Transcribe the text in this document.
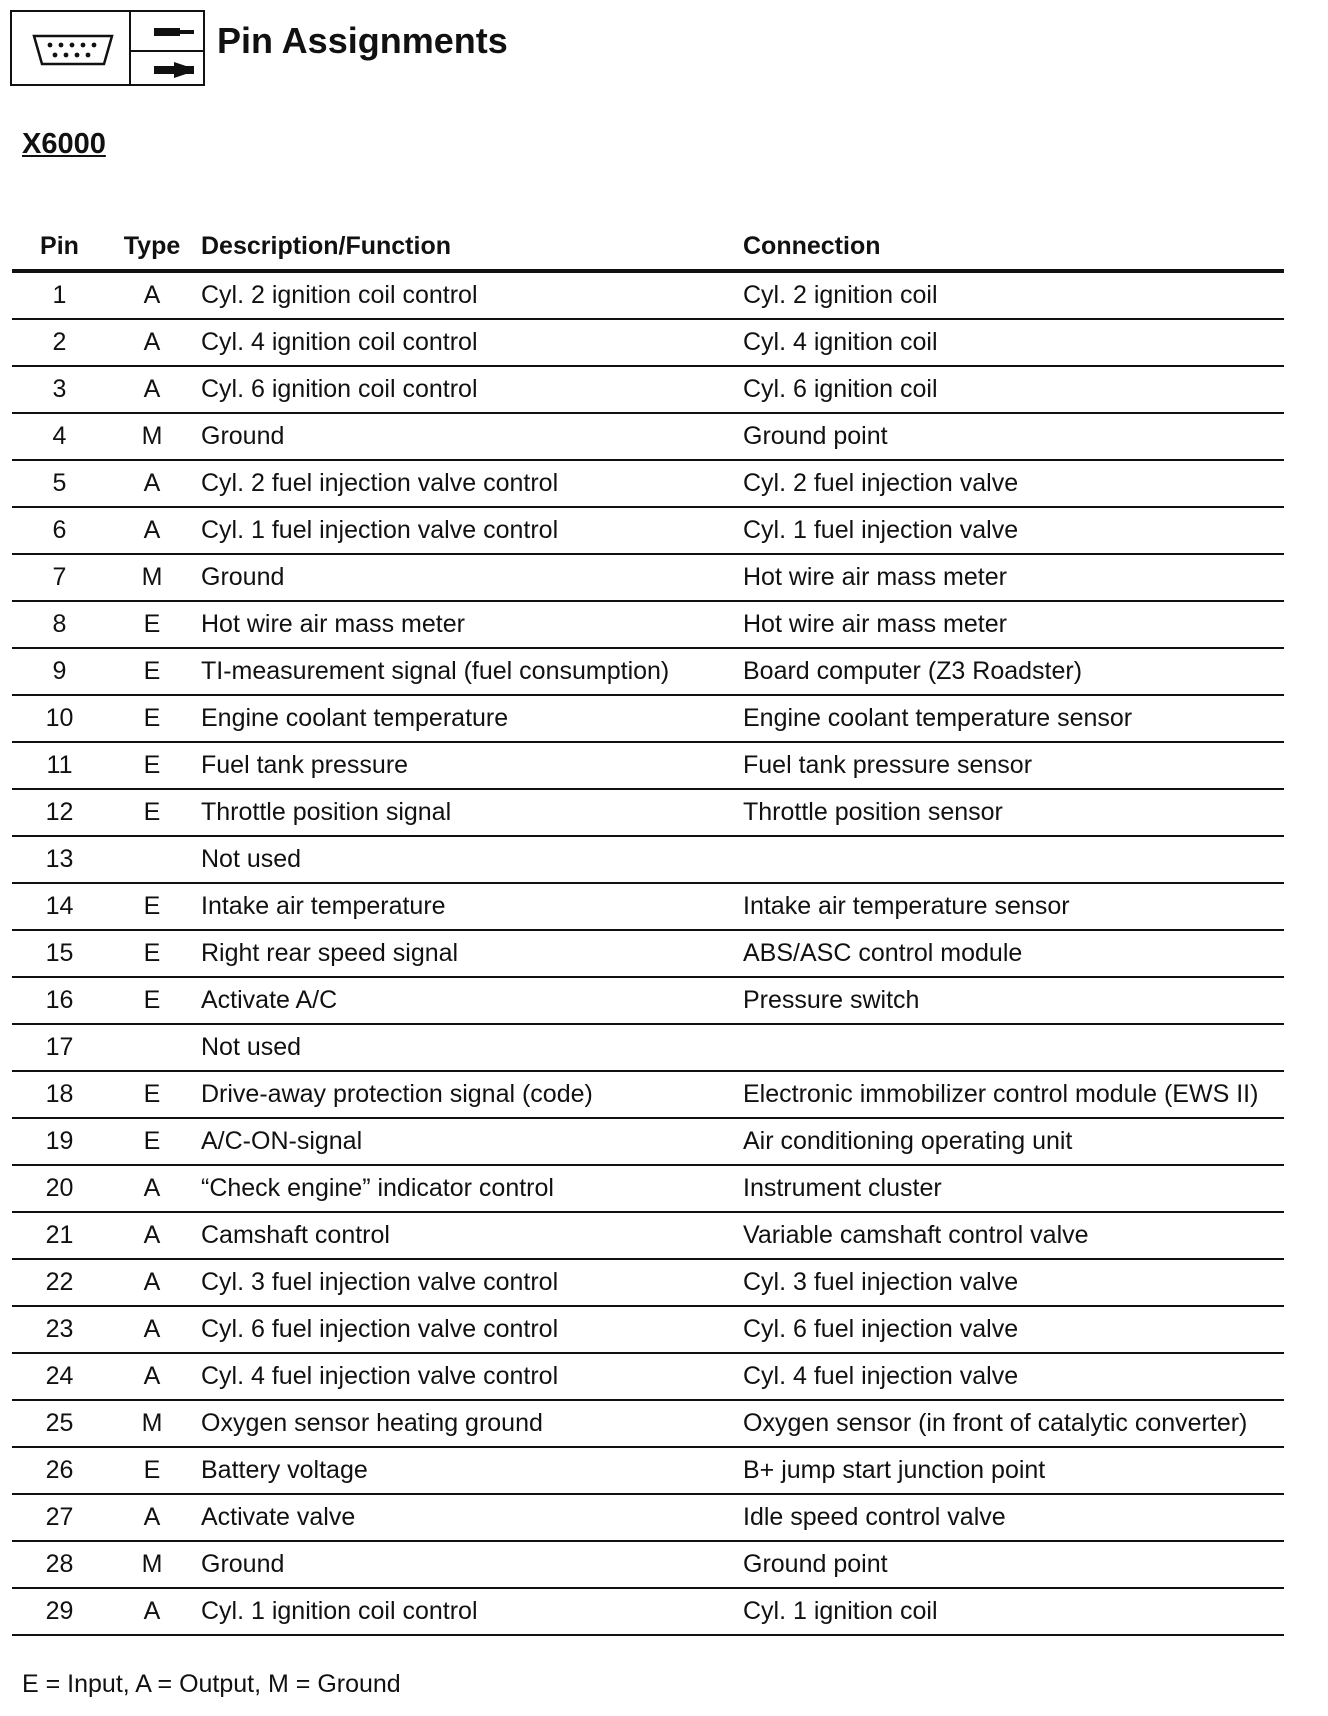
Pin Assignments
X6000
Pin	Type	Description/Function	Connection
1	A	Cyl. 2 ignition coil control	Cyl. 2 ignition coil
2	A	Cyl. 4 ignition coil control	Cyl. 4 ignition coil
3	A	Cyl. 6 ignition coil control	Cyl. 6 ignition coil
4	M	Ground	Ground point
5	A	Cyl. 2 fuel injection valve control	Cyl. 2 fuel injection valve
6	A	Cyl. 1 fuel injection valve control	Cyl. 1 fuel injection valve
7	M	Ground	Hot wire air mass meter
8	E	Hot wire air mass meter	Hot wire air mass meter
9	E	TI-measurement signal (fuel consumption)	Board computer (Z3 Roadster)
10	E	Engine coolant temperature	Engine coolant temperature sensor
11	E	Fuel tank pressure	Fuel tank pressure sensor
12	E	Throttle position signal	Throttle position sensor
13		Not used	
14	E	Intake air temperature	Intake air temperature sensor
15	E	Right rear speed signal	ABS/ASC control module
16	E	Activate A/C	Pressure switch
17		Not used	
18	E	Drive-away protection signal (code)	Electronic immobilizer control module (EWS II)
19	E	A/C-ON-signal	Air conditioning operating unit
20	A	“Check engine” indicator control	Instrument cluster
21	A	Camshaft control	Variable camshaft control valve
22	A	Cyl. 3 fuel injection valve control	Cyl. 3 fuel injection valve
23	A	Cyl. 6 fuel injection valve control	Cyl. 6 fuel injection valve
24	A	Cyl. 4 fuel injection valve control	Cyl. 4 fuel injection valve
25	M	Oxygen sensor heating ground	Oxygen sensor (in front of catalytic converter)
26	E	Battery voltage	B+ jump start junction point
27	A	Activate valve	Idle speed control valve
28	M	Ground	Ground point
29	A	Cyl. 1 ignition coil control	Cyl. 1 ignition coil
E = Input, A = Output, M = Ground
